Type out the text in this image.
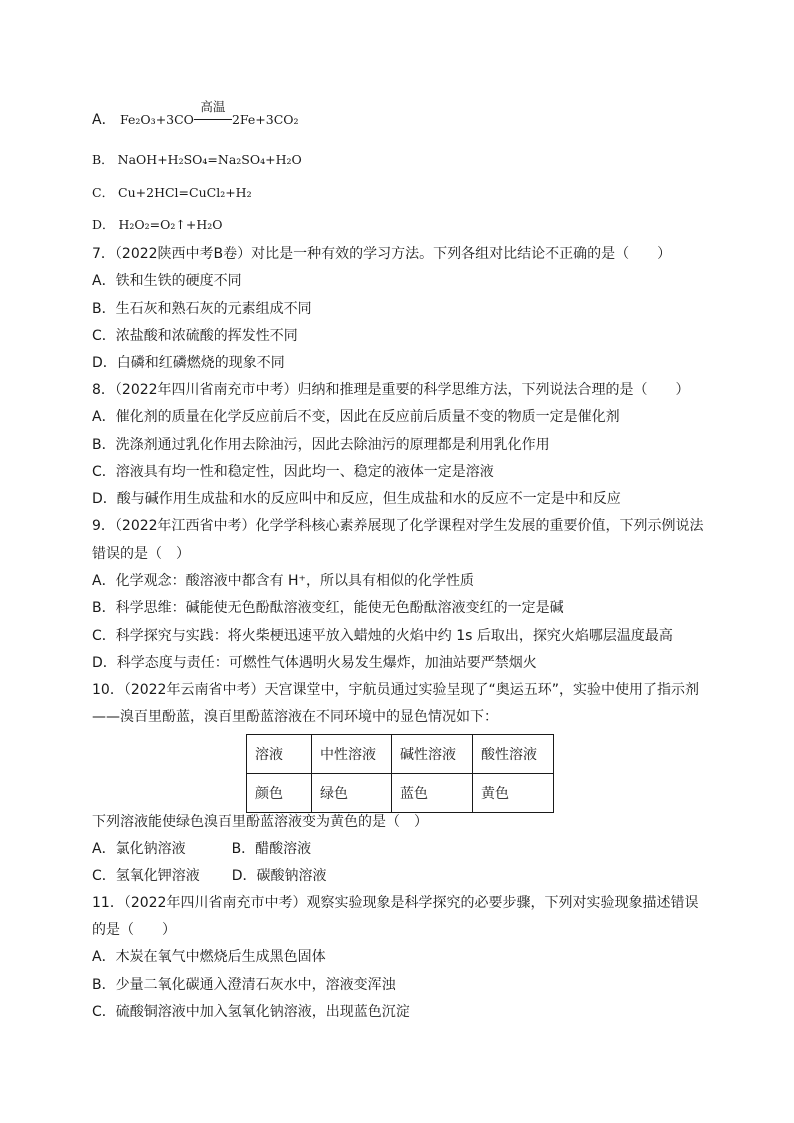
A． Fe₂O₃+3CO
高温
2Fe+3CO₂
B． NaOH+H₂SO₄=Na₂SO₄+H₂O
C． Cu+2HCl=CuCl₂+H₂
D． H₂O₂=O₂↑+H₂O
7．（2022陕西中考B卷）对比是一种有效的学习方法。下列各组对比结论不正确的是（　　）
A．铁和生铁的硬度不同
B．生石灰和熟石灰的元素组成不同
C．浓盐酸和浓硫酸的挥发性不同
D．白磷和红磷燃烧的现象不同
8．（2022年四川省南充市中考）归纳和推理是重要的科学思维方法，下列说法合理的是（　　）
A．催化剂的质量在化学反应前后不变，因此在反应前后质量不变的物质一定是催化剂
B．洗涤剂通过乳化作用去除油污，因此去除油污的原理都是利用乳化作用
C．溶液具有均一性和稳定性，因此均一、稳定的液体一定是溶液
D．酸与碱作用生成盐和水的反应叫中和反应，但生成盐和水的反应不一定是中和反应
9．（2022年江西省中考）化学学科核心素养展现了化学课程对学生发展的重要价值，下列示例说法
错误的是（　）
A．化学观念：酸溶液中都含有 H⁺，所以具有相似的化学性质
B．科学思维：碱能使无色酚酞溶液变红，能使无色酚酞溶液变红的一定是碱
C．科学探究与实践：将火柴梗迅速平放入蜡烛的火焰中约 1s 后取出，探究火焰哪层温度最高
D．科学态度与责任：可燃性气体遇明火易发生爆炸，加油站要严禁烟火
10．（2022年云南省中考）天宫课堂中，宇航员通过实验呈现了“奥运五环”，实验中使用了指示剂
——溴百里酚蓝，溴百里酚蓝溶液在不同环境中的显色情况如下：
溶液	中性溶液	碱性溶液	酸性溶液
颜色	绿色	蓝色	黄色
下列溶液能使绿色溴百里酚蓝溶液变为黄色的是（　）
A．氯化钠溶液	B．醋酸溶液
C．氢氧化钾溶液 D．碳酸钠溶液
11．（2022年四川省南充市中考）观察实验现象是科学探究的必要步骤，下列对实验现象描述错误
的是（　　）
A．木炭在氧气中燃烧后生成黑色固体
B．少量二氧化碳通入澄清石灰水中，溶液变浑浊
C．硫酸铜溶液中加入氢氧化钠溶液，出现蓝色沉淀
